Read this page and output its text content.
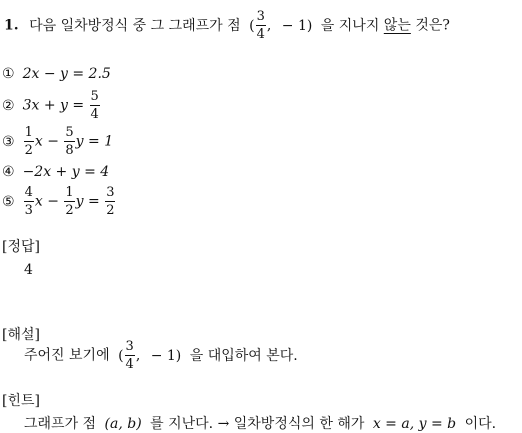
1. 다음 일차방정식 중 그 그래프가 점 ( $\frac{3}{4}$ , − 1) 을 지나지 않는 것은?
① 2x − y = 2.5
② $3x + y = \frac{5}{4}$
③ $\frac{1}{2}$ $x - \frac{5}{8}$ y = 1
④ −2x + y = 4
⑤ $\frac{4}{3}$ $x - \frac{1}{2}$ $y = \frac{3}{2}$
[정답]
4
[해설]
주어진 보기에 ( $\frac{3}{4}$ , − 1) 을 대입하여 본다.
[힌트]
그래프가 점 (a, b) 를 지난다. → 일차방정식의 한 해가 x = a, y = b 이다.
